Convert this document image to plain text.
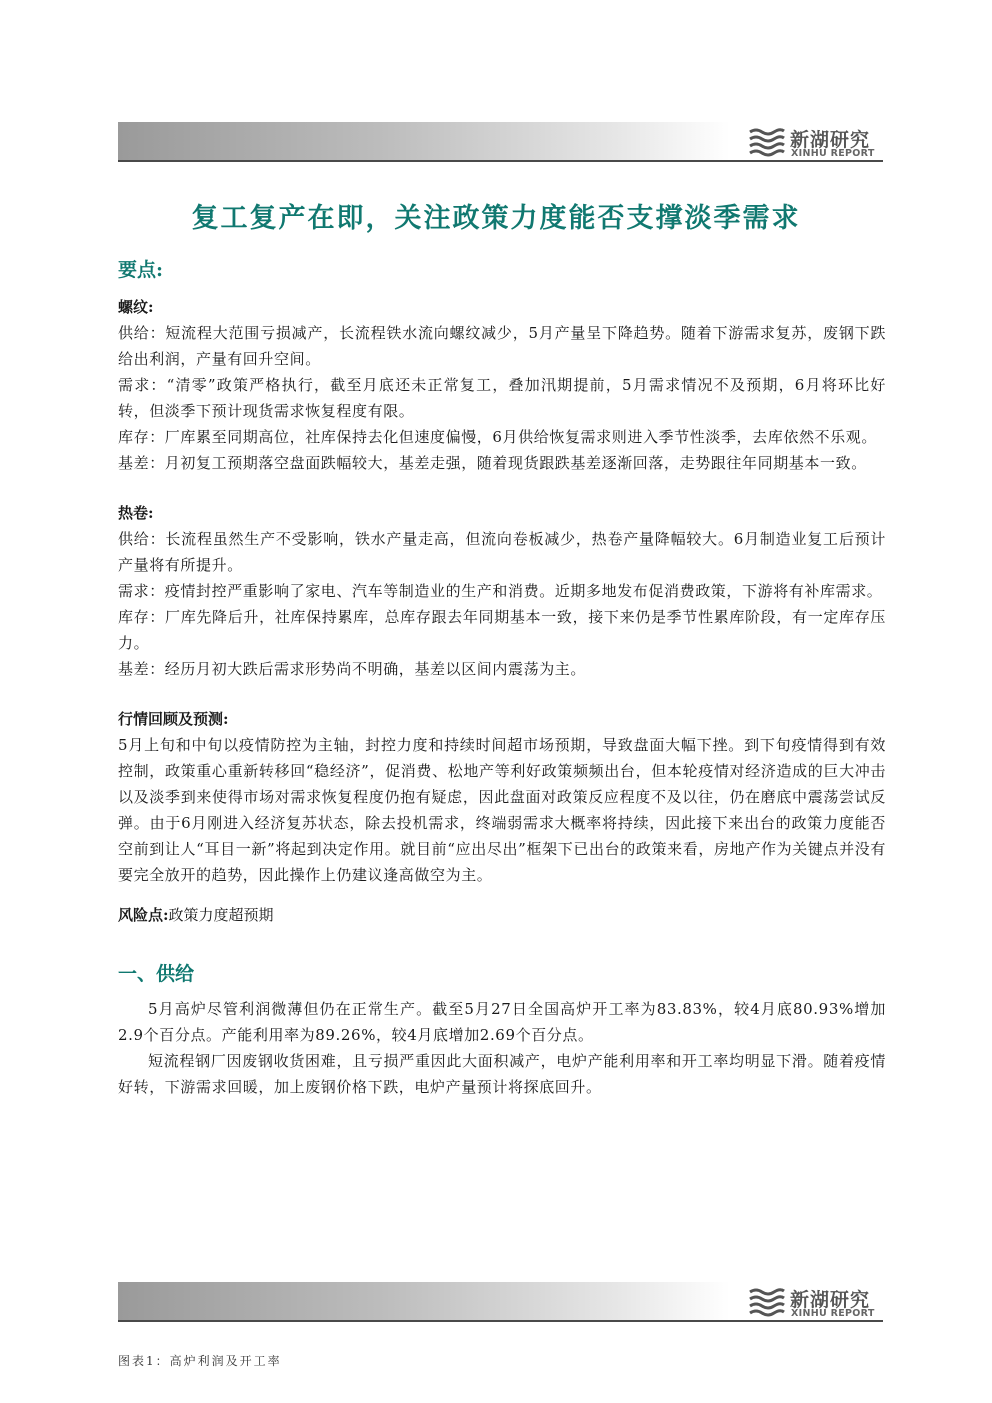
新湖研究
XINHU REPORT
复工复产在即，关注政策力度能否支撑淡季需求
要点:
螺纹:
供给：短流程大范围亏损减产，长流程铁水流向螺纹减少，5月产量呈下降趋势。随着下游需求复苏，废钢下跌给出利润，产量有回升空间。
需求：“清零”政策严格执行，截至月底还未正常复工，叠加汛期提前，5月需求情况不及预期，6月将环比好转，但淡季下预计现货需求恢复程度有限。
库存：厂库累至同期高位，社库保持去化但速度偏慢，6月供给恢复需求则进入季节性淡季，去库依然不乐观。
基差：月初复工预期落空盘面跌幅较大，基差走强，随着现货跟跌基差逐渐回落，走势跟往年同期基本一致。
热卷:
供给：长流程虽然生产不受影响，铁水产量走高，但流向卷板减少，热卷产量降幅较大。6月制造业复工后预计产量将有所提升。
需求：疫情封控严重影响了家电、汽车等制造业的生产和消费。近期多地发布促消费政策，下游将有补库需求。
库存：厂库先降后升，社库保持累库，总库存跟去年同期基本一致，接下来仍是季节性累库阶段，有一定库存压力。
基差：经历月初大跌后需求形势尚不明确，基差以区间内震荡为主。
行情回顾及预测:
5月上旬和中旬以疫情防控为主轴，封控力度和持续时间超市场预期，导致盘面大幅下挫。到下旬疫情得到有效控制，政策重心重新转移回“稳经济”，促消费、松地产等利好政策频频出台，但本轮疫情对经济造成的巨大冲击以及淡季到来使得市场对需求恢复程度仍抱有疑虑，因此盘面对政策反应程度不及以往，仍在磨底中震荡尝试反弹。由于6月刚进入经济复苏状态，除去投机需求，终端弱需求大概率将持续，因此接下来出台的政策力度能否空前到让人“耳目一新”将起到决定作用。就目前“应出尽出”框架下已出台的政策来看，房地产作为关键点并没有要完全放开的趋势，因此操作上仍建议逢高做空为主。
风险点:政策力度超预期
一、供给
5月高炉尽管利润微薄但仍在正常生产。截至5月27日全国高炉开工率为83.83%，较4月底80.93%增加2.9个百分点。产能利用率为89.26%，较4月底增加2.69个百分点。
短流程钢厂因废钢收货困难，且亏损严重因此大面积减产，电炉产能利用率和开工率均明显下滑。随着疫情好转，下游需求回暖，加上废钢价格下跌，电炉产量预计将探底回升。
新湖研究
XINHU REPORT
图表1：高炉利润及开工率
